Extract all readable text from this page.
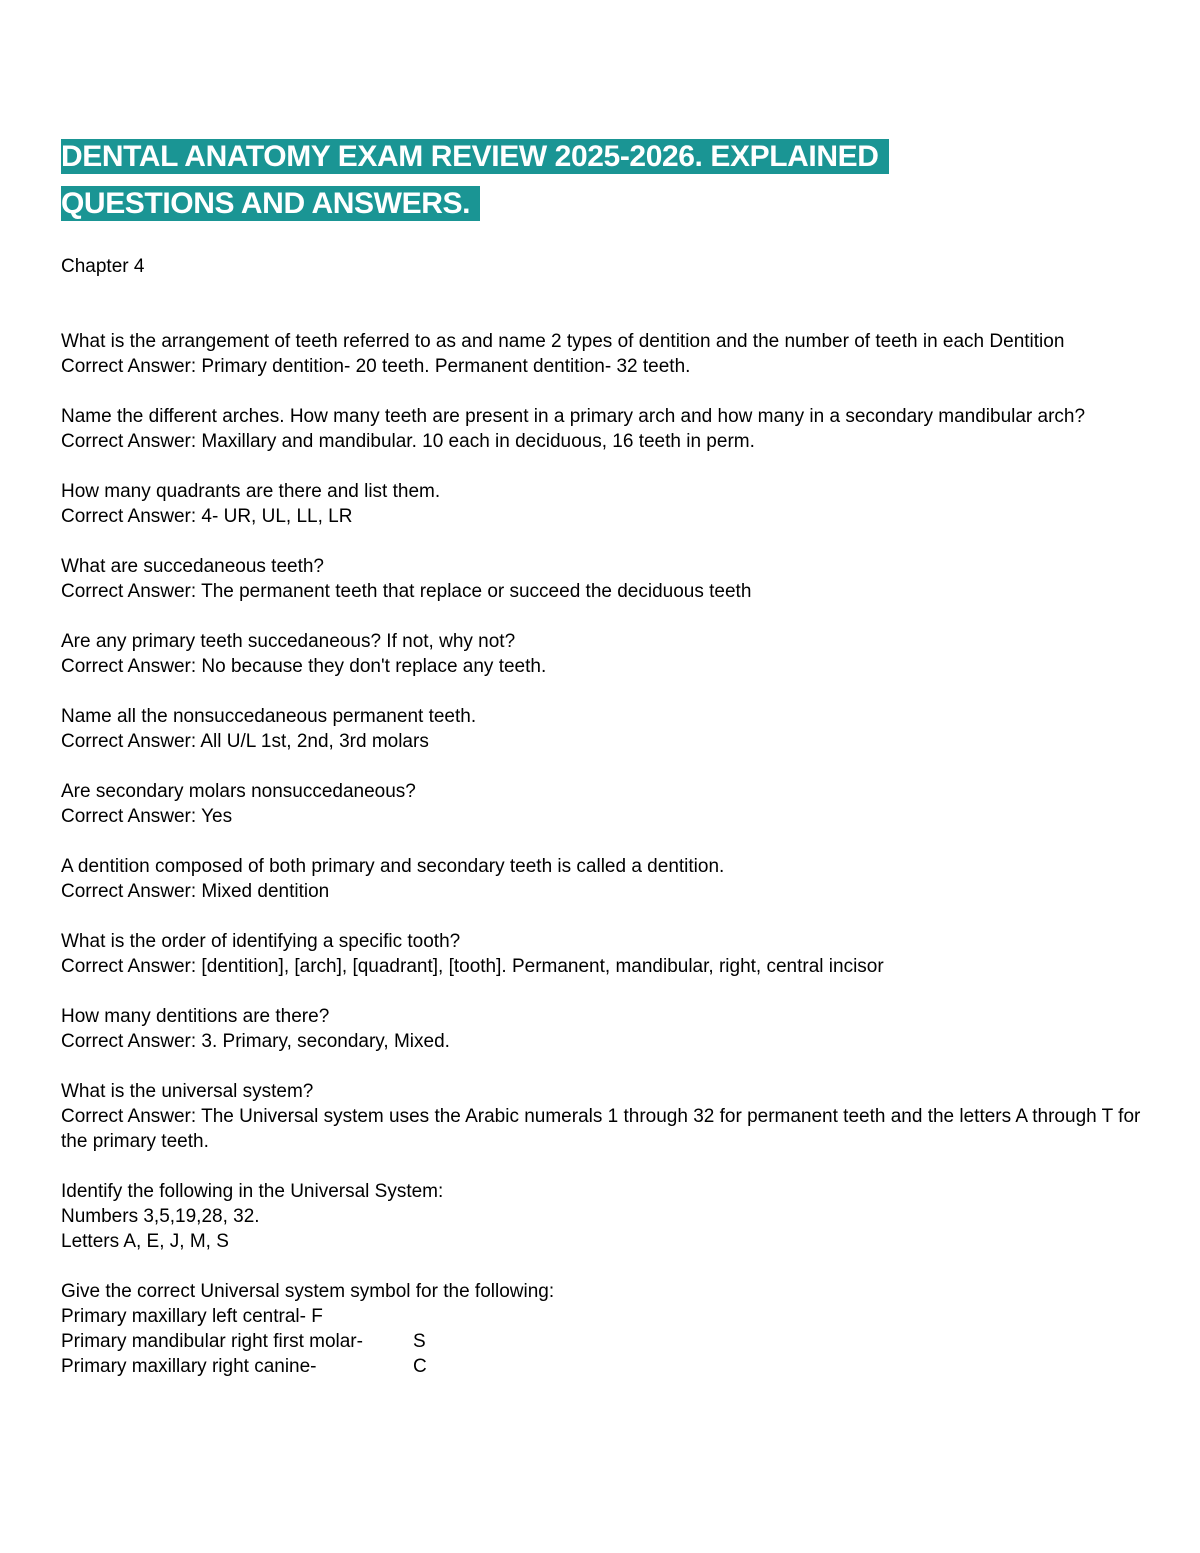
DENTAL ANATOMY EXAM REVIEW 2025-2026. EXPLAINED
QUESTIONS AND ANSWERS.
Chapter 4

What is the arrangement of teeth referred to as and name 2 types of dentition and the number of teeth in each Dentition

Correct Answer: Primary dentition- 20 teeth. Permanent dentition- 32 teeth.

Name the different arches. How many teeth are present in a primary arch and how many in a secondary mandibular arch?

Correct Answer: Maxillary and mandibular. 10 each in deciduous, 16 teeth in perm.

How many quadrants are there and list them.

Correct Answer: 4- UR, UL, LL, LR

What are succedaneous teeth?

Correct Answer: The permanent teeth that replace or succeed the deciduous teeth

Are any primary teeth succedaneous? If not, why not?

Correct Answer: No because they don't replace any teeth.

Name all the nonsuccedaneous permanent teeth.

Correct Answer: All U/L 1st, 2nd, 3rd molars

Are secondary molars nonsuccedaneous?

Correct Answer: Yes

A dentition composed of both primary and secondary teeth is called a dentition.

Correct Answer: Mixed dentition

What is the order of identifying a specific tooth?

Correct Answer: [dentition], [arch], [quadrant], [tooth]. Permanent, mandibular, right, central incisor

How many dentitions are there?

Correct Answer: 3. Primary, secondary, Mixed.

What is the universal system?

Correct Answer: The Universal system uses the Arabic numerals 1 through 32 for permanent teeth and the letters A through T for the primary teeth.

Identify the following in the Universal System:

Numbers 3,5,19,28, 32.

Letters A, E, J, M, S

Give the correct Universal system symbol for the following:

Primary maxillary left central- F

Primary mandibular right first molar-	S
Primary maxillary right canine-	C
